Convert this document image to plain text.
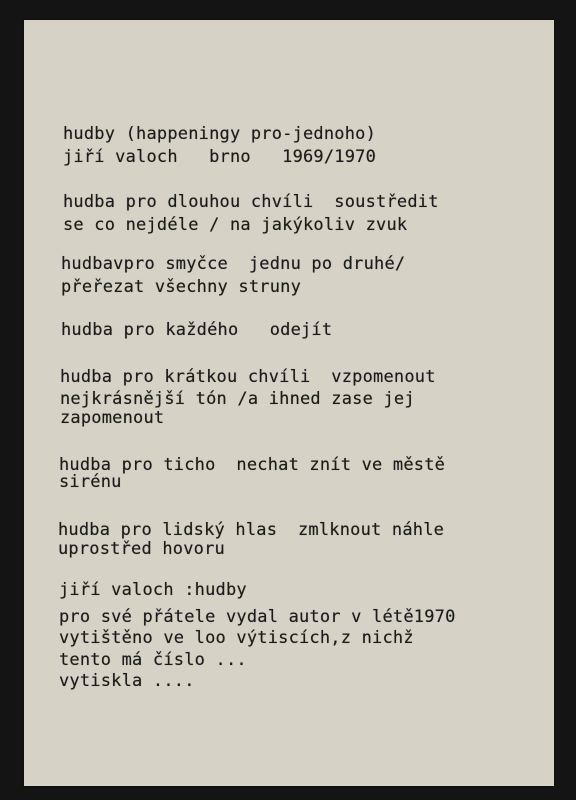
hudby (happeningy pro-jednoho)
jiří valoch   brno   1969/1970
hudba pro dlouhou chvíli  soustředit
se co nejdéle / na jakýkoliv zvuk
hudbavpro smyčce  jednu po druhé/
přeřezat všechny struny
hudba pro každého   odejít
hudba pro krátkou chvíli  vzpomenout
nejkrásnější tón /a ihned zase jej
zapomenout
hudba pro ticho  nechat znít ve městě
sirénu
hudba pro lidský hlas  zmlknout náhle
uprostřed hovoru
jiří valoch :hudby
pro své přátele vydal autor v létě1970
vytištěno ve loo výtiscích,z nichž
tento má číslo ...
vytiskla ....
